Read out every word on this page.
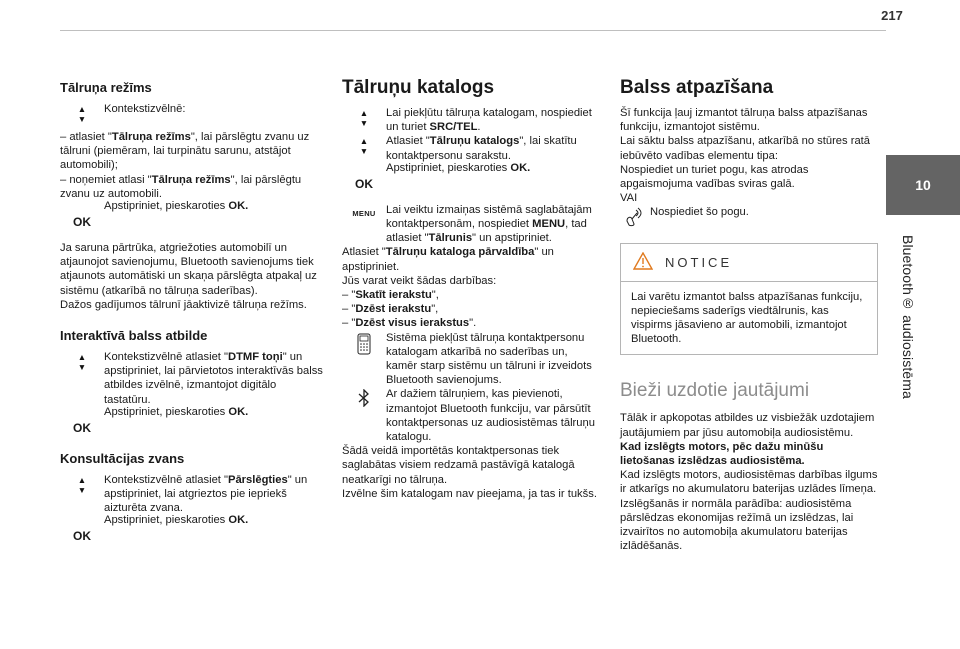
217
10
Bluetooth® audiosistēma
Tālruņa režīms
▲
▼
Kontekstizvēlnē:

– atlasiet "Tālruņa režīms", lai pārslēgtu zvanu uz tālruni (piemēram, lai turpinātu sarunu, atstājot automobili);

– noņemiet atlasi "Tālruņa režīms", lai pārslēgtu zvanu uz automobili.

OK
Apstipriniet, pieskaroties OK.

Ja saruna pārtrūka, atgriežoties automobilī un atjaunojot savienojumu, Bluetooth savienojums tiek atjaunots automātiski un skaņa pārslēgta atpakaļ uz sistēmu (atkarībā no tālruņa saderības).

Dažos gadījumos tālrunī jāaktivizē tālruņa režīms.

Interaktīvā balss atbilde
▲
▼
Kontekstizvēlnē atlasiet "DTMF toņi" un apstipriniet, lai pārvietotos interaktīvās balss atbildes izvēlnē, izmantojot digitālo tastatūru.
OK
Apstipriniet, pieskaroties OK.
Konsultācijas zvans
▲
▼
Kontekstizvēlnē atlasiet "Pārslēgties" un apstipriniet, lai atgrieztos pie iepriekš aizturēta zvana.
OK
Apstipriniet, pieskaroties OK.
Tālruņu katalogs
▲
▼
Lai piekļūtu tālruņa katalogam, nospiediet un turiet SRC/TEL.
▲
▼
Atlasiet "Tālruņu katalogs", lai skatītu kontaktpersonu sarakstu.
OK
Apstipriniet, pieskaroties OK.
MENU Lai veiktu izmaiņas sistēmā saglabātajām kontaktpersonām, nospiediet MENU, tad atlasiet "Tālrunis" un apstipriniet.

Atlasiet "Tālruņu kataloga pārvaldība" un apstipriniet.

Jūs varat veikt šādas darbības:

– "Skatīt ierakstu",

– "Dzēst ierakstu",

– "Dzēst visus ierakstus".

Sistēma piekļūst tālruņa kontaktpersonu katalogam atkarībā no saderības un, kamēr starp sistēmu un tālruni ir izveidots Bluetooth savienojums.
Ar dažiem tālruņiem, kas pievienoti, izmantojot Bluetooth funkciju, var pārsūtīt kontaktpersonas uz audiosistēmas tālruņu katalogu.

Šādā veidā importētās kontaktpersonas tiek saglabātas visiem redzamā pastāvīgā katalogā neatkarīgi no tālruņa.

Izvēlne šim katalogam nav pieejama, ja tas ir tukšs.

Balss atpazīšana

Šī funkcija ļauj izmantot tālruņa balss atpazīšanas funkciju, izmantojot sistēmu.

Lai sāktu balss atpazīšanu, atkarībā no stūres ratā iebūvēto vadības elementu tipa:

Nospiediet un turiet pogu, kas atrodas apgaismojuma vadības sviras galā.

VAI

Nospiediet šo pogu.
NOTICE
Lai varētu izmantot balss atpazīšanas funkciju, nepieciešams saderīgs viedtālrunis, kas vispirms jāsavieno ar automobili, izmantojot Bluetooth.
Bieži uzdotie jautājumi

Tālāk ir apkopotas atbildes uz visbiežāk uzdotajiem jautājumiem par jūsu automobiļa audiosistēmu.

Kad izslēgts motors, pēc dažu minūšu lietošanas izslēdzas audiosistēma.

Kad izslēgts motors, audiosistēmas darbības ilgums ir atkarīgs no akumulatoru baterijas uzlādes līmeņa.

Izslēgšanās ir normāla parādība: audiosistēma pārslēdzas ekonomijas režīmā un izslēdzas, lai izvairītos no automobiļa akumulatoru baterijas izlādēšanās.
